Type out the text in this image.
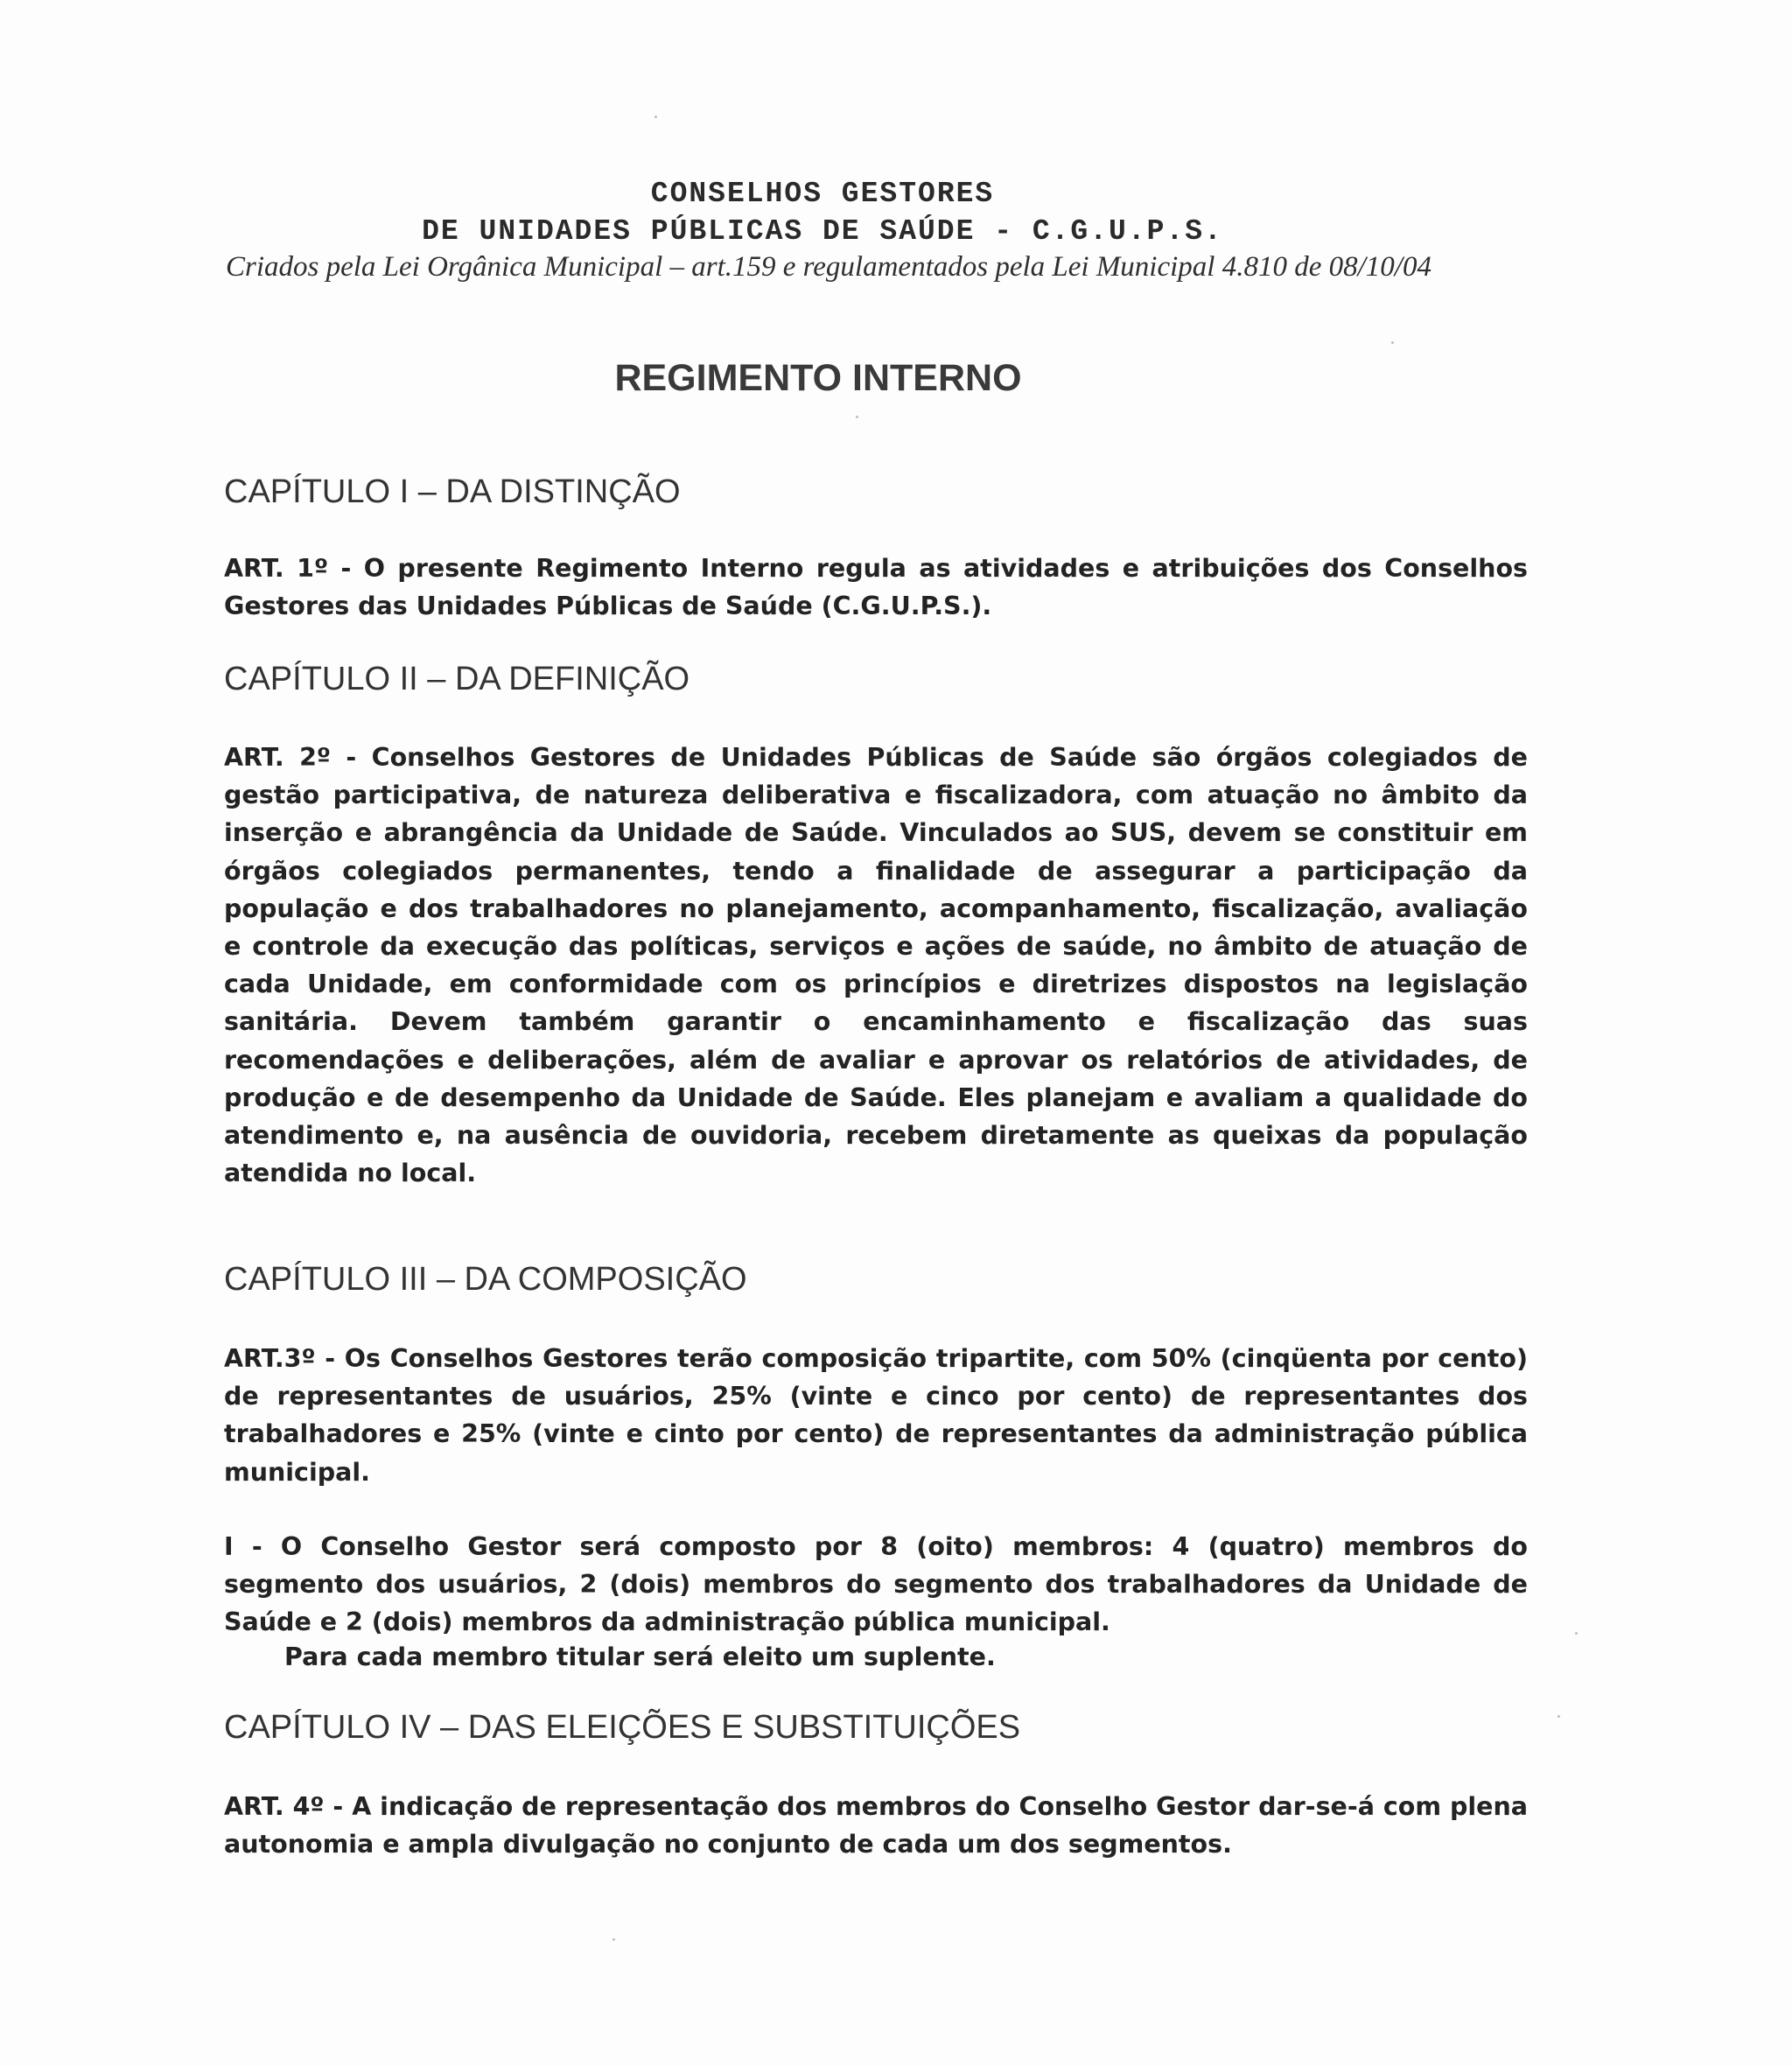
CONSELHOS GESTORES
DE UNIDADES PÚBLICAS DE SAÚDE - C.G.U.P.S.
Criados pela Lei Orgânica Municipal – art.159 e regulamentados pela Lei Municipal 4.810 de 08/10/04
REGIMENTO INTERNO
CAPÍTULO I – DA DISTINÇÃO
ART. 1º - O presente Regimento Interno regula as atividades e atribuições dos Conselhos Gestores das Unidades Públicas de Saúde (C.G.U.P.S.).
CAPÍTULO II – DA DEFINIÇÃO
ART. 2º - Conselhos Gestores de Unidades Públicas de Saúde são órgãos colegiados de gestão participativa, de natureza deliberativa e fiscalizadora, com atuação no âmbito da inserção e abrangência da Unidade de Saúde. Vinculados ao SUS, devem se constituir em órgãos colegiados permanentes, tendo a finalidade de assegurar a participação da população e dos trabalhadores no planejamento, acompanhamento, fiscalização, avaliação e controle da execução das políticas, serviços e ações de saúde, no âmbito de atuação de cada Unidade, em conformidade com os princípios e diretrizes dispostos na legislação sanitária. Devem também garantir o encaminhamento e fiscalização das suas recomendações e deliberações, além de avaliar e aprovar os relatórios de atividades, de produção e de desempenho da Unidade de Saúde. Eles planejam e avaliam a qualidade do atendimento e, na ausência de ouvidoria, recebem diretamente as queixas da população atendida no local.
CAPÍTULO III – DA COMPOSIÇÃO
ART.3º - Os Conselhos Gestores terão composição tripartite, com 50% (cinqüenta por cento) de representantes de usuários, 25% (vinte e cinco por cento) de representantes dos trabalhadores e 25% (vinte e cinto por cento) de representantes da administração pública municipal.
I - O Conselho Gestor será composto por 8 (oito) membros: 4 (quatro) membros do segmento dos usuários, 2 (dois) membros do segmento dos trabalhadores da Unidade de Saúde e 2 (dois) membros da administração pública municipal.
Para cada membro titular será eleito um suplente.
CAPÍTULO IV – DAS ELEIÇÕES E SUBSTITUIÇÕES
ART. 4º - A indicação de representação dos membros do Conselho Gestor dar-se-á com plena autonomia e ampla divulgação no conjunto de cada um dos segmentos.
